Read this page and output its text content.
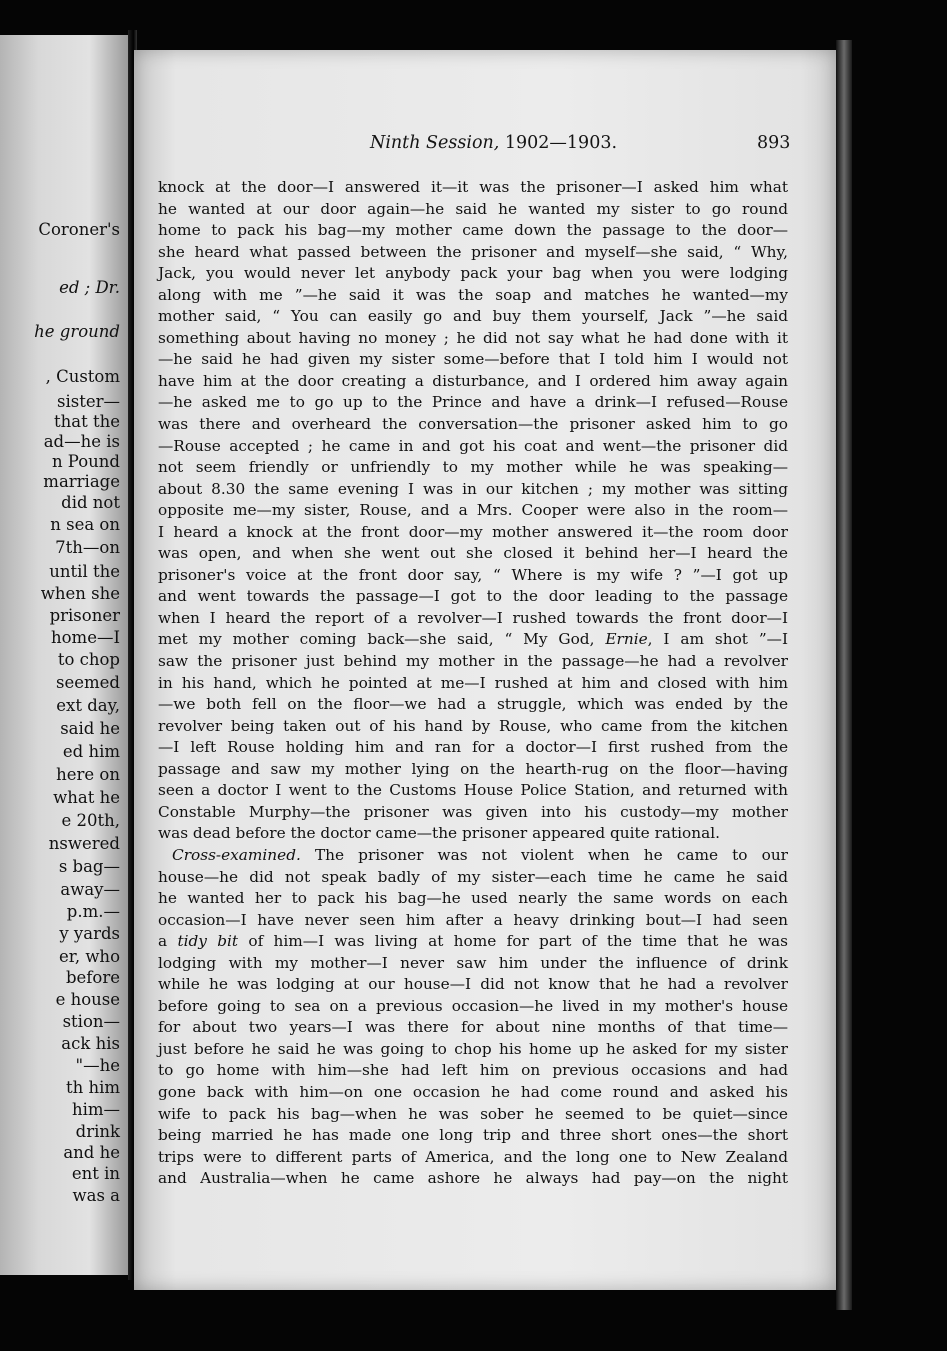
Coroner's
ed ; Dr.
he ground
, Custom
sister—
that the
ad—he is
n Pound
marriage
did not
n sea on
7th—on
until the
when she
prisoner
home—I
to chop
seemed
ext day,
said he
ed him
here on
what he
e 20th,
nswered
s bag—
away—
p.m.—
y yards
er, who
before
e house
stion—
ack his
"—he
th him
him—
drink
and he
ent in
was a
Ninth Session, 1902—1903.	893
knock at the door—I answered it—it was the prisoner—I asked him what
he wanted at our door again—he said he wanted my sister to go round
home to pack his bag—my mother came down the passage to the door—
she heard what passed between the prisoner and myself—she said, “ Why,
Jack, you would never let anybody pack your bag when you were lodging
along with me ”—he said it was the soap and matches he wanted—my
mother said, “ You can easily go and buy them yourself, Jack ”—he said
something about having no money ; he did not say what he had done with it
—he said he had given my sister some—before that I told him I would not
have him at the door creating a disturbance, and I ordered him away again
—he asked me to go up to the Prince and have a drink—I refused—Rouse
was there and overheard the conversation—the prisoner asked him to go
—Rouse accepted ; he came in and got his coat and went—the prisoner did
not seem friendly or unfriendly to my mother while he was speaking—
about 8.30 the same evening I was in our kitchen ; my mother was sitting
opposite me—my sister, Rouse, and a Mrs. Cooper were also in the room—
I heard a knock at the front door—my mother answered it—the room door
was open, and when she went out she closed it behind her—I heard the
prisoner's voice at the front door say, “ Where is my wife ? ”—I got up
and went towards the passage—I got to the door leading to the passage
when I heard the report of a revolver—I rushed towards the front door—I
met my mother coming back—she said, “ My God, Ernie, I am shot ”—I
saw the prisoner just behind my mother in the passage—he had a revolver
in his hand, which he pointed at me—I rushed at him and closed with him
—we both fell on the floor—we had a struggle, which was ended by the
revolver being taken out of his hand by Rouse, who came from the kitchen
—I left Rouse holding him and ran for a doctor—I first rushed from the
passage and saw my mother lying on the hearth-rug on the floor—having
seen a doctor I went to the Customs House Police Station, and returned with
Constable Murphy—the prisoner was given into his custody—my mother
was dead before the doctor came—the prisoner appeared quite rational.
Cross-examined. The prisoner was not violent when he came to our
house—he did not speak badly of my sister—each time he came he said
he wanted her to pack his bag—he used nearly the same words on each
occasion—I have never seen him after a heavy drinking bout—I had seen
a tidy bit of him—I was living at home for part of the time that he was
lodging with my mother—I never saw him under the influence of drink
while he was lodging at our house—I did not know that he had a revolver
before going to sea on a previous occasion—he lived in my mother's house
for about two years—I was there for about nine months of that time—
just before he said he was going to chop his home up he asked for my sister
to go home with him—she had left him on previous occasions and had
gone back with him—on one occasion he had come round and asked his
wife to pack his bag—when he was sober he seemed to be quiet—since
being married he has made one long trip and three short ones—the short
trips were to different parts of America, and the long one to New Zealand
and Australia—when he came ashore he always had pay—on the night
